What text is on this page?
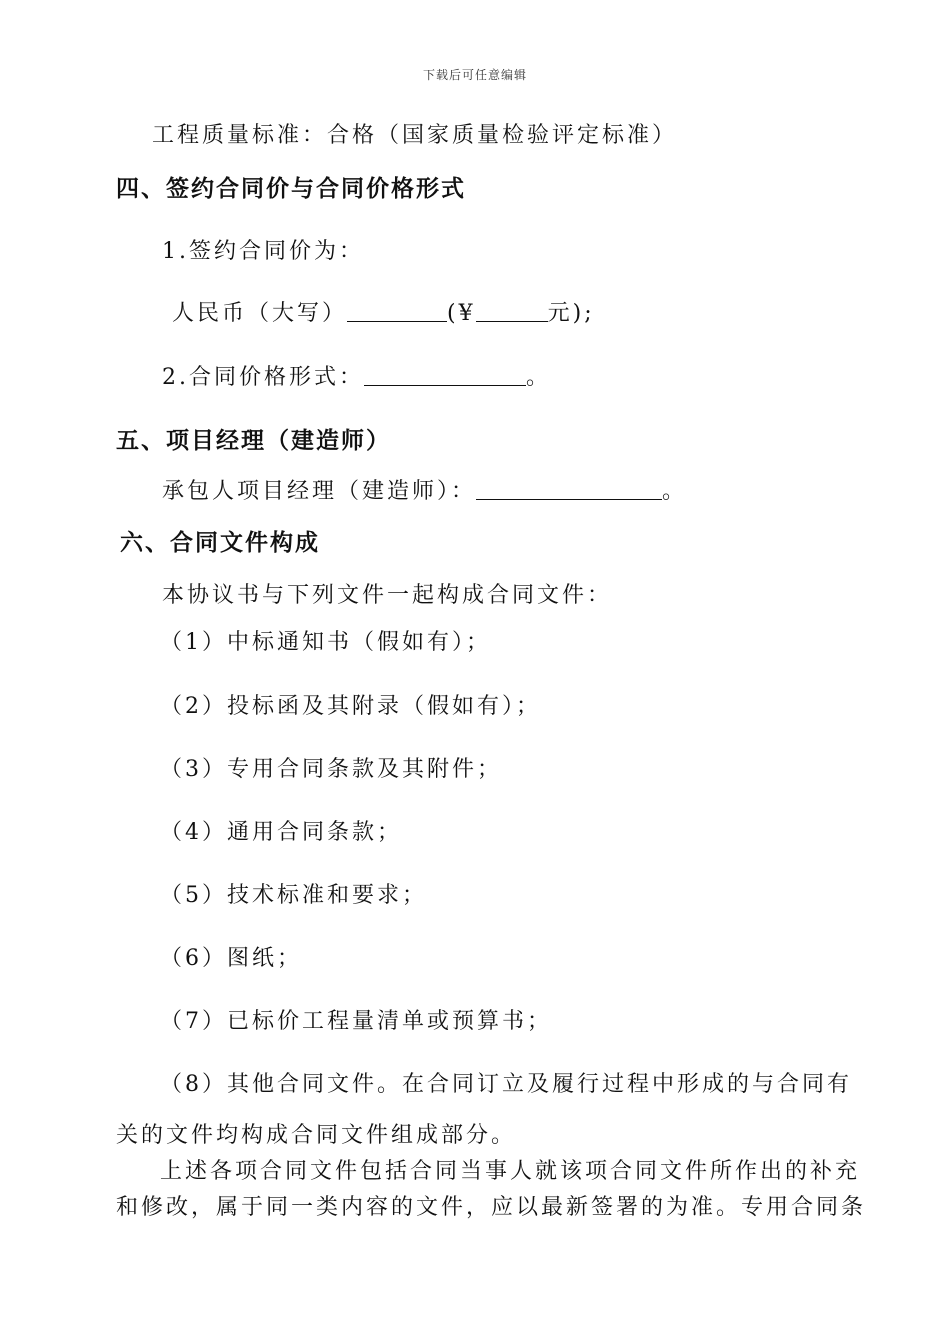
下载后可任意编辑
工程质量标准：合格（国家质量检验评定标准）
四、签约合同价与合同价格形式
1.签约合同价为：
人民币（大写）	(¥	元);
2.合同价格形式：	。
五、项目经理（建造师）
承包人项目经理（建造师）：	。
六、合同文件构成
本协议书与下列文件一起构成合同文件：
（1）中标通知书（假如有）；
（2）投标函及其附录（假如有）；
（3）专用合同条款及其附件；
（4）通用合同条款；
（5）技术标准和要求；
（6）图纸；
（7）已标价工程量清单或预算书；
（8）其他合同文件。在合同订立及履行过程中形成的与合同有
关的文件均构成合同文件组成部分。
上述各项合同文件包括合同当事人就该项合同文件所作出的补充
和修改，属于同一类内容的文件，应以最新签署的为准。专用合同条
